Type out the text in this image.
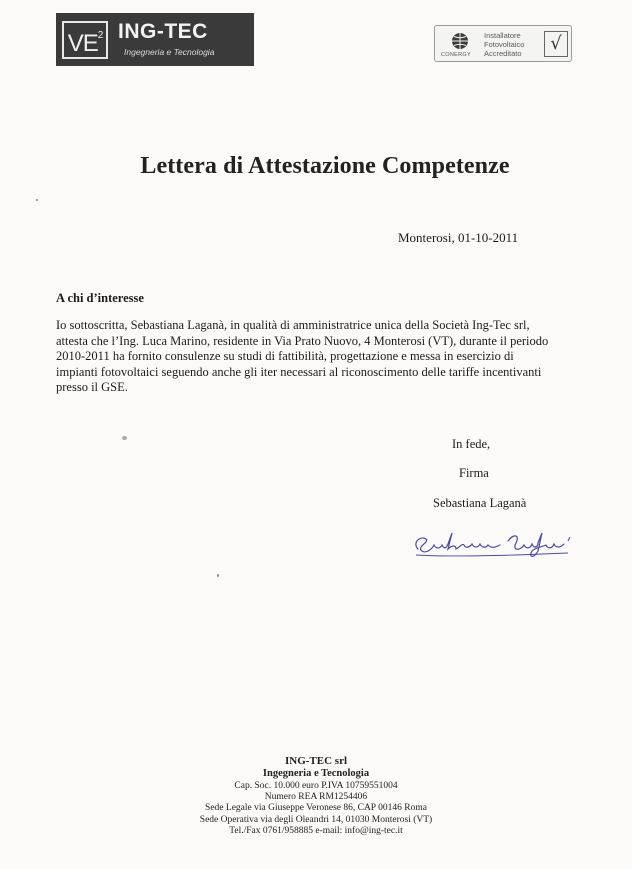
$VE^2$ ING-TEC
Ingegneria e Tecnologia	CONERGY
Installatore
Fotovoltaico
Accreditato	√
Lettera di Attestazione Competenze
Monterosi, 01-10-2011
A chi d’interesse
Io sottoscritta, Sebastiana Laganà, in qualità di amministratrice unica della Società Ing-Tec srl,
attesta che l’Ing. Luca Marino, residente in Via Prato Nuovo, 4 Monterosi (VT), durante il periodo
2010-2011 ha fornito consulenze su studi di fattibilità, progettazione e messa in esercizio di
impianti fotovoltaici seguendo anche gli iter necessari al riconoscimento delle tariffe incentivanti
presso il GSE.
In fede,
Firma
Sebastiana Laganà
ING-TEC srl
Ingegneria e Tecnologia
Cap. Soc. 10.000 euro P.IVA 10759551004
Numero REA RM1254406
Sede Legale via Giuseppe Veronese 86, CAP 00146 Roma
Sede Operativa via degli Oleandri 14, 01030 Monterosi (VT)
Tel./Fax 0761/958885 e-mail: info@ing-tec.it
